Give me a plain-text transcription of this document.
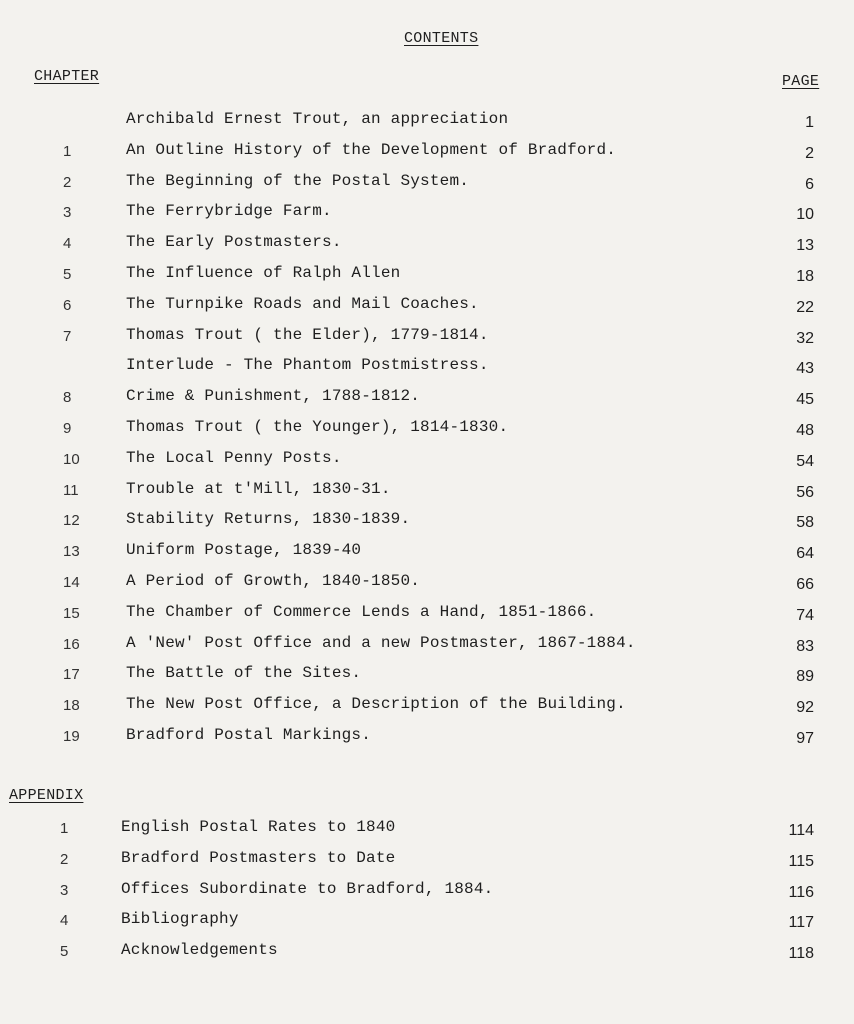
CONTENTS
CHAPTER	PAGE
Archibald Ernest Trout, an appreciation	1
1	An Outline History of the Development of Bradford.	2
2	The Beginning of the Postal System.	6
3	The Ferrybridge Farm.	10
4	The Early Postmasters.	13
5	The Influence of Ralph Allen	18
6	The Turnpike Roads and Mail Coaches.	22
7	Thomas Trout ( the Elder), 1779-1814.	32
Interlude - The Phantom Postmistress.	43
8	Crime & Punishment, 1788-1812.	45
9	Thomas Trout ( the Younger), 1814-1830.	48
10	The Local Penny Posts.	54
11	Trouble at t'Mill, 1830-31.	56
12	Stability Returns, 1830-1839.	58
13	Uniform Postage, 1839-40	64
14	A Period of Growth, 1840-1850.	66
15	The Chamber of Commerce Lends a Hand, 1851-1866.	74
16	A 'New' Post Office and a new Postmaster, 1867-1884.	83
17	The Battle of the Sites.	89
18	The New Post Office, a Description of the Building.	92
19	Bradford Postal Markings.	97
APPENDIX
1	English Postal Rates to 1840	114
2	Bradford Postmasters to Date	115
3	Offices Subordinate to Bradford, 1884.	116
4	Bibliography	117
5	Acknowledgements	118
